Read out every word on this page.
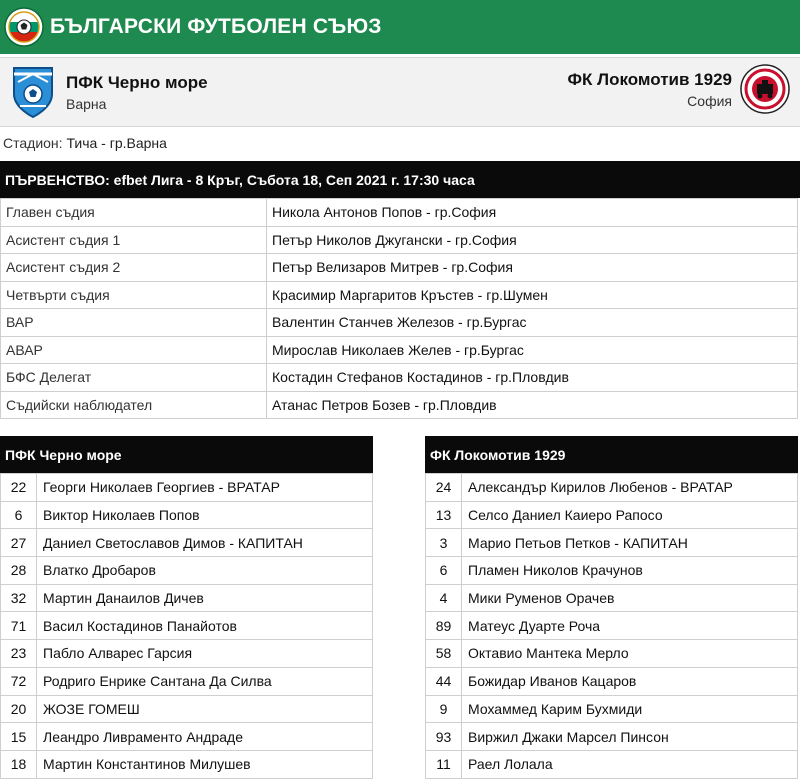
БЪЛГАРСКИ ФУТБОЛЕН СЪЮЗ
ПФК Черно море
Варна
ФК Локомотив 1929
София
Стадион: Тича - гр.Варна
ПЪРВЕНСТВО:
efbet Лига - 8 Кръг, Събота 18, Сеп 2021 г. 17:30 часа
Главен съдия	Никола Антонов Попов - гр.София
Асистент съдия 1	Петър Николов Джугански - гр.София
Асистент съдия 2	Петър Велизаров Митрев - гр.София
Четвърти съдия	Красимир Маргаритов Кръстев - гр.Шумен
ВАР	Валентин Станчев Железов - гр.Бургас
АВАР	Мирослав Николаев Желев - гр.Бургас
БФС Делегат	Костадин Стефанов Костадинов - гр.Пловдив
Съдийски наблюдател	Атанас Петров Бозев - гр.Пловдив
ПФК Черно море
22	Георги Николаев Георгиев - ВРАТАР
6	Виктор Николаев Попов
27	Даниел Светославов Димов - КАПИТАН
28	Влатко Дробаров
32	Мартин Данаилов Дичев
71	Васил Костадинов Панайотов
23	Пабло Алварес Гарсия
72	Родриго Енрике Сантана Да Силва
20	ЖОЗЕ ГОМЕШ
15	Леандро Ливраменто Андраде
18	Мартин Константинов Милушев
ФК Локомотив 1929
24	Александър Кирилов Любенов - ВРАТАР
13	Селсо Даниел Каиеро Рапосо
3	Марио Петьов Петков - КАПИТАН
6	Пламен Николов Крачунов
4	Мики Руменов Орачев
89	Матеус Дуарте Роча
58	Октавио Мантека Мерло
44	Божидар Иванов Кацаров
9	Мохаммед Карим Бухмиди
93	Виржил Джаки Марсел Пинсон
11	Раел Лолала
